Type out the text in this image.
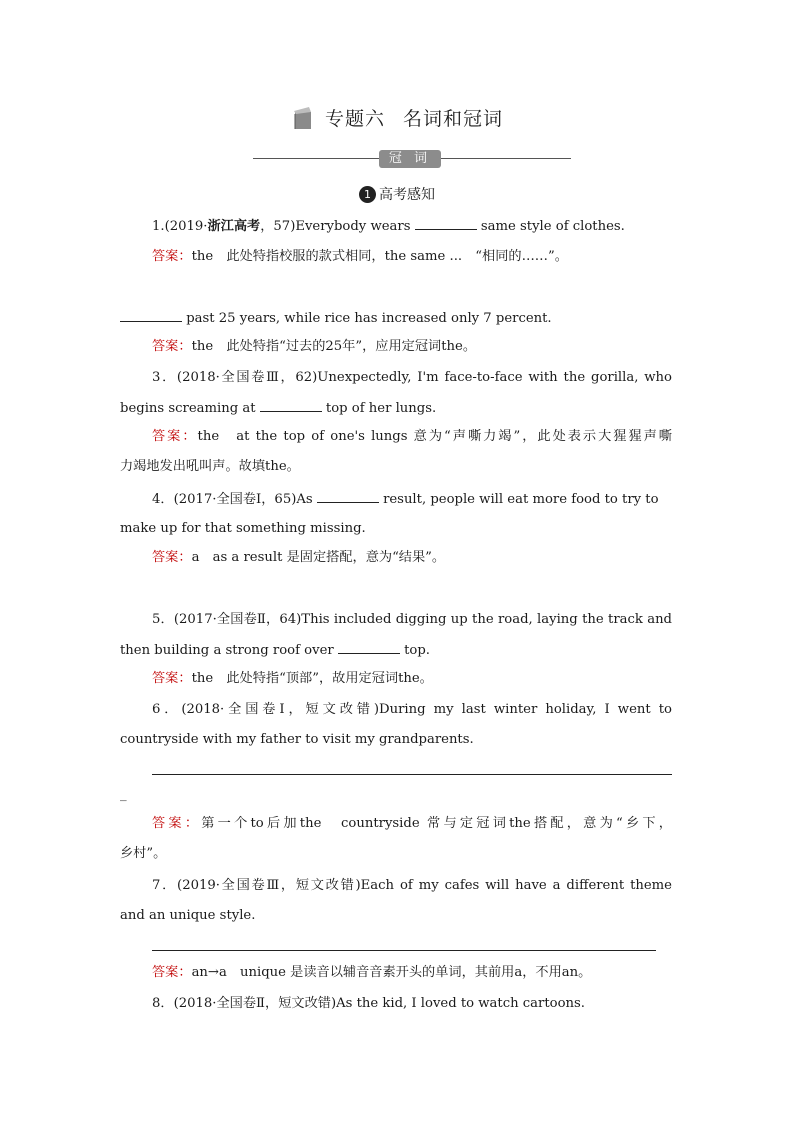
专题六 名词和冠词
冠 词
1 高考感知
1.(2019·浙江高考，57)Everybody wears	same style of clothes.
答案：the　此处特指校服的款式相同，the same ...　“相同的……”。
past 25 years, while rice has increased only 7 percent.
答案：the　此处特指“过去的25年”，应用定冠词the。
3．(2018·全国卷Ⅲ，62)Unexpectedly, I'm face-to-face with the gorilla, who
begins screaming at	top of her lungs.
答案：the　at the top of one's lungs 意为“声嘶力竭”，此处表示大猩猩声嘶
力竭地发出吼叫声。故填the。
4．(2017·全国卷Ⅰ，65)As	result, people will eat more food to try to
make up for that something missing.
答案：a　as a result 是固定搭配，意为“结果”。
5．(2017·全国卷Ⅱ，64)This included digging up the road, laying the track and
then building a strong roof over	top.
答案：the　此处特指“顶部”，故用定冠词the。
6．(2018·全国卷Ⅰ，短文改错)During my last winter holiday, I went to
countryside with my father to visit my grandparents.
_
答案：第一个to后加the　countryside 常与定冠词the搭配，意为“乡下，
乡村”。
7．(2019·全国卷Ⅲ，短文改错)Each of my cafes will have a different theme
and an unique style.
答案：an→a　unique 是读音以辅音音素开头的单词，其前用a，不用an。
8．(2018·全国卷Ⅱ，短文改错)As the kid, I loved to watch cartoons.
